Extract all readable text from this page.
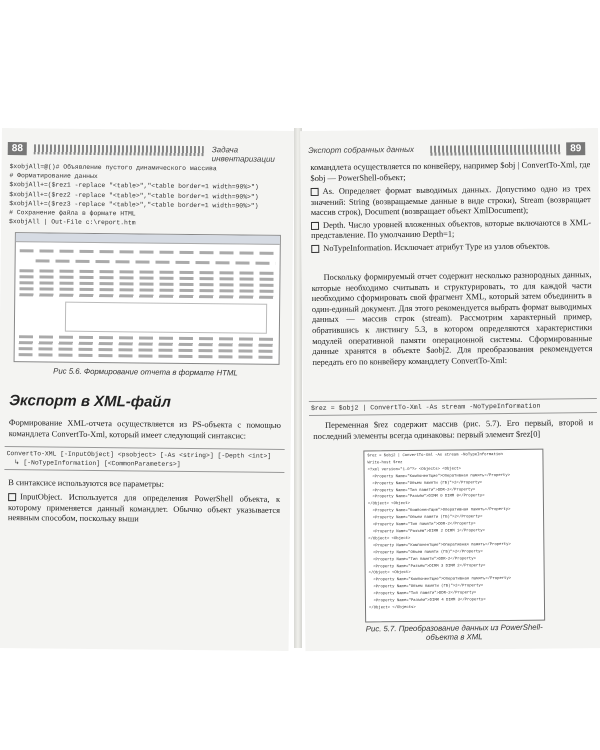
88	Задача инвентаризации
$xobjAll=@()# Объявление пустого динамического массива
# Форматирование данных
$xobjAll+=($rez1 -replace "<table>","<table border=1 width=90%>")
$xobjAll+=($rez2 -replace "<table>","<table border=1 width=90%>")
$xobjAll+=($rez3 -replace "<table>","<table border=1 width=90%>")
# Сохранение файла в формате HTML
$xobjAll | Out-File c:\report.htm
Рис 5.6. Формирование отчета в формате HTML
Экспорт в XML-файл
Формирование XML-отчета осуществляется из PS-объекта с помощью командлета ConvertTo-Xml, который имеет следующий синтаксис:
ConvertTo-XML [-InputObject] <psobject> [-As <string>] [-Depth <int>]
↳ [-NoTypeInformation] [<CommonParameters>]
В синтаксисе используются все параметры:
InputObject. Используется для определения PowerShell объекта, к которому применяется данный командлет. Обычно объект указывается неявным способом, поскольку выши
Экспорт собранных данных	89
командлета осуществляется по конвейеру, например $obj | ConvertTo-Xml, где $obj — PowerShell-объект;
As. Определяет формат выводимых данных. Допустимо одно из трех значений: String (возвращаемые данные в виде строки), Stream (возвращает массив строк), Document (возвращает объект XmlDocument);
Depth. Число уровней вложенных объектов, которые включаются в XML-представление. По умолчанию Depth=1;
NoTypeInformation. Исключает атрибут Type из узлов объектов.
Поскольку формируемый отчет содержит несколько разнородных данных, которые необходимо считывать и структурировать, то для каждой части необходимо сформировать свой фрагмент XML, который затем объединить в один-единый документ. Для этого рекомендуется выбрать формат выводимых данных — массив строк (stream). Рассмотрим характерный пример, обратившись к листингу 5.3, в котором определяются характеристики модулей оперативной памяти операционной системы. Сформированные данные хранятся в объекте $aobj2. Для преобразования рекомендуется передать его по конвейеру командлету ConvertTo-Xml:
$rez = $obj2 | ConvertTo-Xml -As stream -NoTypeInformation
Переменная $rez содержит массив (рис. 5.7). Его первый, второй и последний элементы всегда одинаковы: первый элемент $rez[0]
$rez = $obj2 | ConvertTo-Xml -As stream -NoTypeInformation
Write-host $rez
<?xml version="1.0"?> <Objects> <Object>
<Property Name="Компонентщие">Оперативная память</Property>
<Property Name="Объем памяти (ГБ)">2</Property>
<Property Name="Тип памяти">DDR-2</Property>
<Property Name="Разъём">DIMM 0 DIMM 0</Property>
</Object> <Object>
<Property Name="Компонентщие">Оперативная память</Property>
<Property Name="Объем памяти (ГБ)">2</Property>
<Property Name="Тип памяти">DDR-2</Property>
<Property Name="Разъём">DIMM 2 DIMM 1</Property>
</Object> <Object>
<Property Name="Компонентщие">Оперативная память</Property>
<Property Name="Объем памяти (ГБ)">2</Property>
<Property Name="Тип памяти">DDR-2</Property>
<Property Name="Разъём">DIMM 3 DIMM 2</Property>
</Object> <Object>
<Property Name="Компонентщие">Оперативная память</Property>
<Property Name="Объем памяти (ГБ)">2</Property>
<Property Name="Тип памяти">DDR-2</Property>
<Property Name="Разъём">DIMM 4 DIMM 3</Property>
</Object> </Objects>
Рис. 5.7. Преобразование данных из PowerShell-объекта в XML
